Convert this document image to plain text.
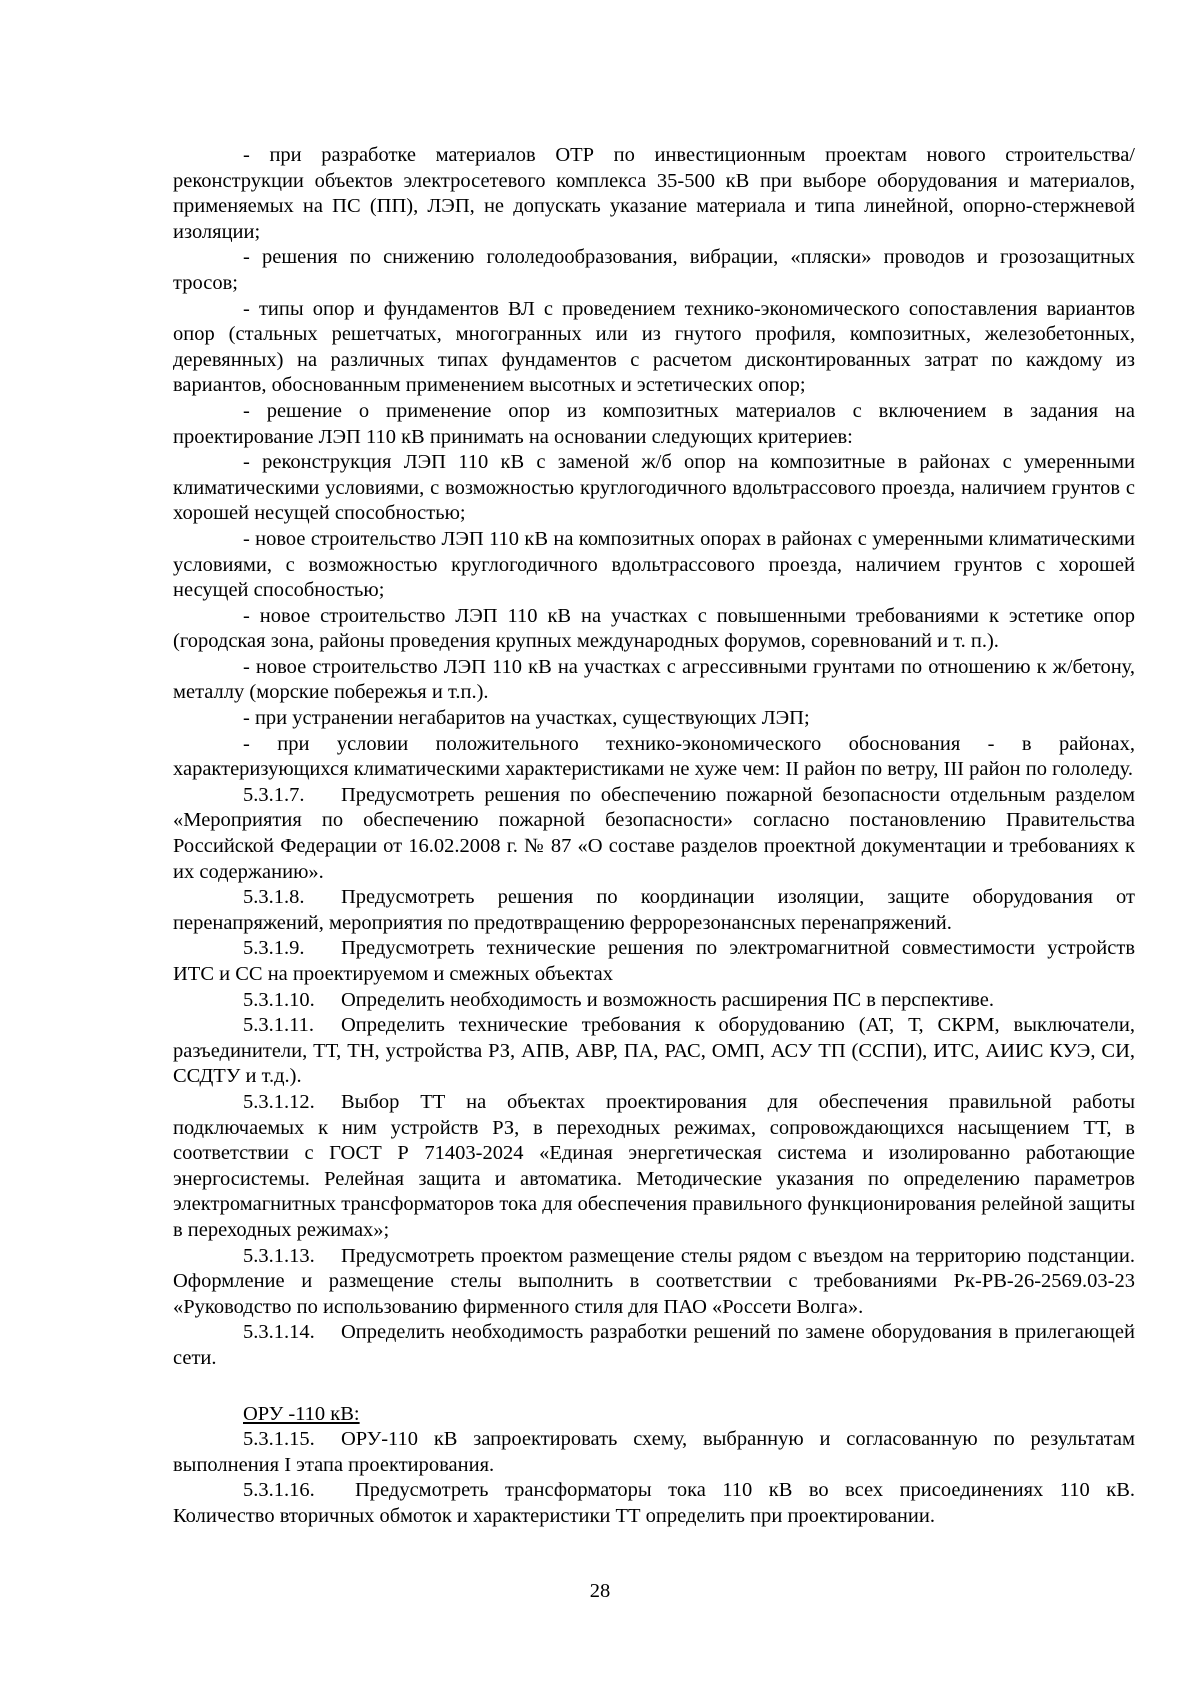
- при разработке материалов ОТР по инвестиционным проектам нового строительства/реконструкции объектов электросетевого комплекса 35-500 кВ при выборе оборудования и материалов, применяемых на ПС (ПП), ЛЭП, не допускать указание материала и типа линейной, опорно-стержневой изоляции;

- решения по снижению гололедообразования, вибрации, «пляски» проводов и грозозащитных тросов;

- типы опор и фундаментов ВЛ с проведением технико-экономического сопоставления вариантов опор (стальных решетчатых, многогранных или из гнутого профиля, композитных, железобетонных, деревянных) на различных типах фундаментов с расчетом дисконтированных затрат по каждому из вариантов, обоснованным применением высотных и эстетических опор;

- решение о применение опор из композитных материалов с включением в задания на проектирование ЛЭП 110 кВ принимать на основании следующих критериев:

- реконструкция ЛЭП 110 кВ с заменой ж/б опор на композитные в районах с умеренными климатическими условиями, с возможностью круглогодичного вдольтрассового проезда, наличием грунтов с хорошей несущей способностью;

- новое строительство ЛЭП 110 кВ на композитных опорах в районах с умеренными климатическими условиями, с возможностью круглогодичного вдольтрассового проезда, наличием грунтов с хорошей несущей способностью;

- новое строительство ЛЭП 110 кВ на участках с повышенными требованиями к эстетике опор (городская зона, районы проведения крупных международных форумов, соревнований и т. п.).

- новое строительство ЛЭП 110 кВ на участках с агрессивными грунтами по отношению к ж/бетону, металлу (морские побережья и т.п.).

- при устранении негабаритов на участках, существующих ЛЭП;

- при условии положительного технико-экономического обоснования - в районах, характеризующихся климатическими характеристиками не хуже чем: II район по ветру, III район по гололеду.

5.3.1.7. Предусмотреть решения по обеспечению пожарной безопасности отдельным разделом «Мероприятия по обеспечению пожарной безопасности» согласно постановлению Правительства Российской Федерации от 16.02.2008 г. № 87 «О составе разделов проектной документации и требованиях к их содержанию».

5.3.1.8. Предусмотреть решения по координации изоляции, защите оборудования от перенапряжений, мероприятия по предотвращению феррорезонансных перенапряжений.

5.3.1.9. Предусмотреть технические решения по электромагнитной совместимости устройств ИТС и СС на проектируемом и смежных объектах

5.3.1.10. Определить необходимость и возможность расширения ПС в перспективе.

5.3.1.11. Определить технические требования к оборудованию (АТ, Т, СКРМ, выключатели, разъединители, ТТ, ТН, устройства РЗ, АПВ, АВР, ПА, РАС, ОМП, АСУ ТП (ССПИ), ИТС, АИИС КУЭ, СИ, ССДТУ и т.д.).

5.3.1.12. Выбор ТТ на объектах проектирования для обеспечения правильной работы подключаемых к ним устройств РЗ, в переходных режимах, сопровождающихся насыщением ТТ, в соответствии с ГОСТ Р 71403-2024 «Единая энергетическая система и изолированно работающие энергосистемы. Релейная защита и автоматика. Методические указания по определению параметров электромагнитных трансформаторов тока для обеспечения правильного функционирования релейной защиты в переходных режимах»;

5.3.1.13. Предусмотреть проектом размещение стелы рядом с въездом на территорию подстанции. Оформление и размещение стелы выполнить в соответствии с требованиями Рк-РВ-26-2569.03-23 «Руководство по использованию фирменного стиля для ПАО «Россети Волга».

5.3.1.14. Определить необходимость разработки решений по замене оборудования в прилегающей сети.

ОРУ -110 кВ:

5.3.1.15. ОРУ-110 кВ запроектировать схему, выбранную и согласованную по результатам выполнения I этапа проектирования.

5.3.1.16. Предусмотреть трансформаторы тока 110 кВ во всех присоединениях 110 кВ. Количество вторичных обмоток и характеристики ТТ определить при проектировании.

28
